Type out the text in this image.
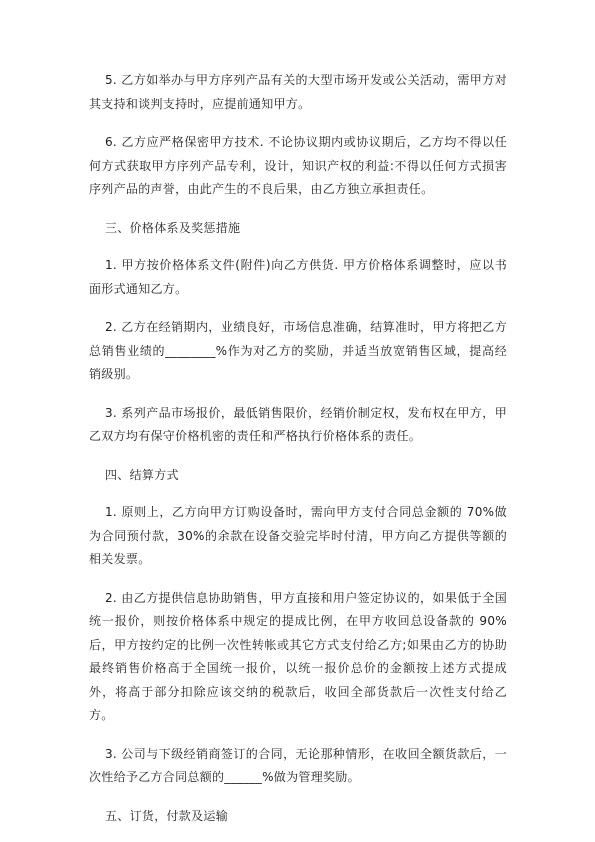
5. 乙方如举办与甲方序列产品有关的大型市场开发或公关活动，需甲方对其支持和谈判支持时，应提前通知甲方。

6. 乙方应严格保密甲方技术. 不论协议期内或协议期后，乙方均不得以任何方式获取甲方序列产品专利，设计，知识产权的利益:不得以任何方式损害序列产品的声誉，由此产生的不良后果，由乙方独立承担责任。

三、价格体系及奖惩措施

1. 甲方按价格体系文件(附件)向乙方供货. 甲方价格体系调整时，应以书面形式通知乙方。

2. 乙方在经销期内，业绩良好，市场信息准确，结算准时，甲方将把乙方总销售业绩的________%作为对乙方的奖励，并适当放宽销售区域，提高经销级别。

3. 系列产品市场报价，最低销售限价，经销价制定权，发布权在甲方，甲乙双方均有保守价格机密的责任和严格执行价格体系的责任。

四、结算方式

1. 原则上，乙方向甲方订购设备时，需向甲方支付合同总金额的 70%做为合同预付款，30%的余款在设备交验完毕时付清，甲方向乙方提供等额的相关发票。

2. 由乙方提供信息协助销售，甲方直接和用户签定协议的，如果低于全国统一报价，则按价格体系中规定的提成比例，在甲方收回总设备款的 90%后，甲方按约定的比例一次性转帐或其它方式支付给乙方;如果由乙方的协助最终销售价格高于全国统一报价，以统一报价总价的金额按上述方式提成外，将高于部分扣除应该交纳的税款后，收回全部货款后一次性支付给乙方。

3. 公司与下级经销商签订的合同，无论那种情形，在收回全额货款后，一次性给予乙方合同总额的______%做为管理奖励。

五、订货，付款及运输
